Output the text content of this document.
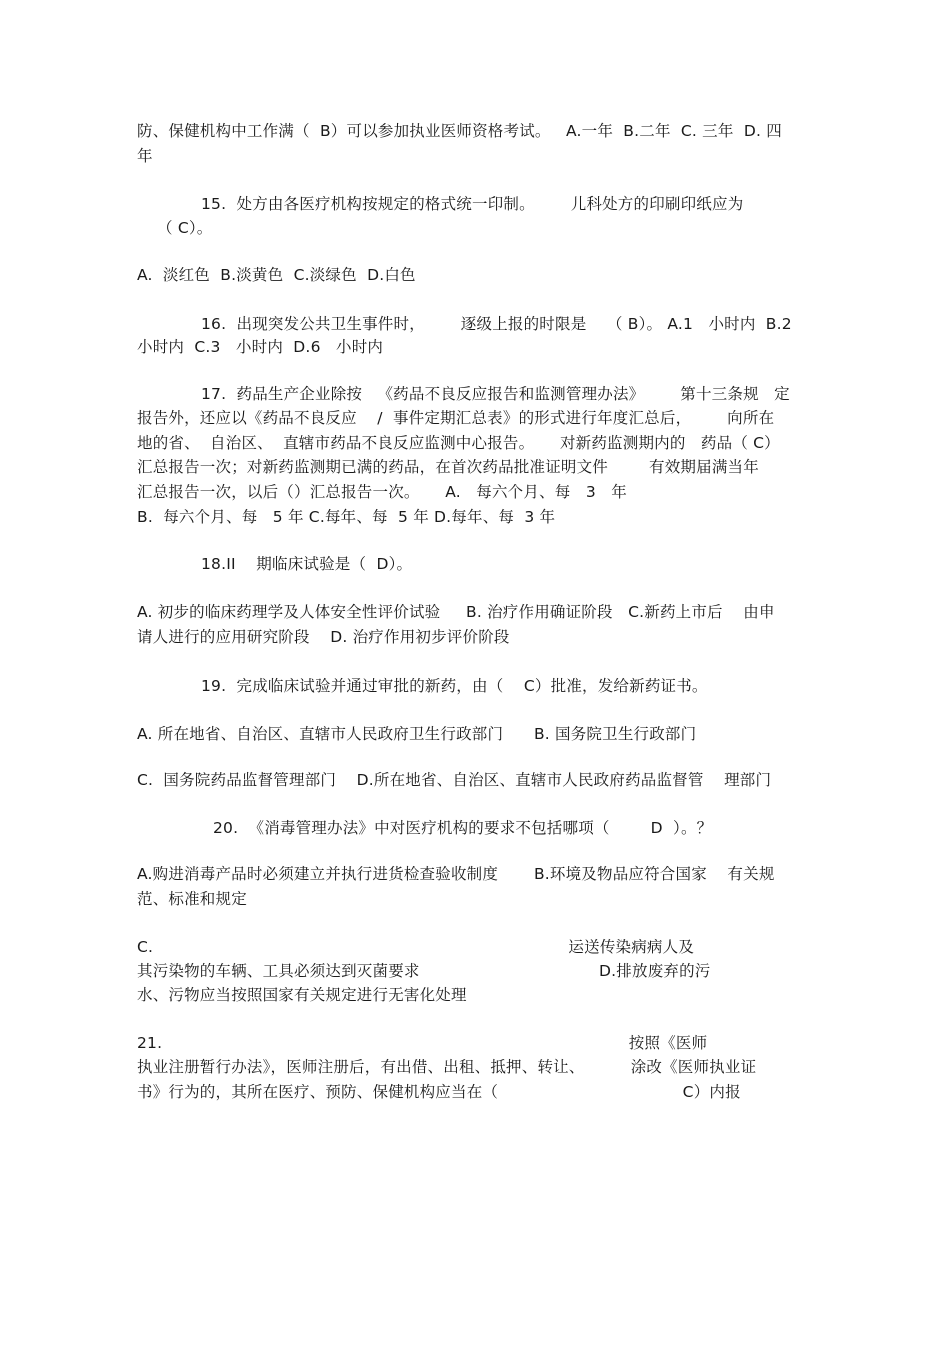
防、保健机构中工作满（  B）可以参加执业医师资格考试。   A.一年  B.二年  C. 三年  D. 四
年
15.  处方由各医疗机构按规定的格式统一印制。       儿科处方的印刷印纸应为
（ C）。
A.  淡红色  B.淡黄色  C.淡绿色  D.白色
16.  出现突发公共卫生事件时，       逐级上报的时限是    （ B）。 A.1   小时内  B.2
小时内  C.3   小时内  D.6   小时内
17.  药品生产企业除按   《药品不良反应报告和监测管理办法》       第十三条规   定
报告外，还应以《药品不良反应    /  事件定期汇总表》的形式进行年度汇总后，       向所在
地的省、  自治区、  直辖市药品不良反应监测中心报告。     对新药监测期内的   药品（ C）
汇总报告一次；对新药监测期已满的药品，在首次药品批准证明文件        有效期届满当年
汇总报告一次，以后（）汇总报告一次。     A.   每六个月、每   3   年
B.  每六个月、每   5 年 C.每年、每  5 年 D.每年、每  3 年
18.II    期临床试验是（  D）。
A. 初步的临床药理学及人体安全性评价试验     B. 治疗作用确证阶段   C.新药上市后    由申
请人进行的应用研究阶段    D. 治疗作用初步评价阶段
19.  完成临床试验并通过审批的新药，由（    C）批准，发给新药证书。
A. 所在地省、自治区、直辖市人民政府卫生行政部门      B. 国务院卫生行政部门
C.  国务院药品监督管理部门    D.所在地省、自治区、直辖市人民政府药品监督管    理部门
20.  《消毒管理办法》中对医疗机构的要求不包括哪项（        D  ）。？
A.购进消毒产品时必须建立并执行进货检查验收制度       B.环境及物品应符合国家    有关规
范、标准和规定
C.                                                                                 运送传染病病人及
其污染物的车辆、工具必须达到灭菌要求                                   D.排放废弃的污
水、污物应当按照国家有关规定进行无害化处理
21.                                                                                           按照《医师
执业注册暂行办法》，医师注册后，有出借、出租、抵押、转让、         涂改《医师执业证
书》行为的，其所在医疗、预防、保健机构应当在（                                    C）内报
